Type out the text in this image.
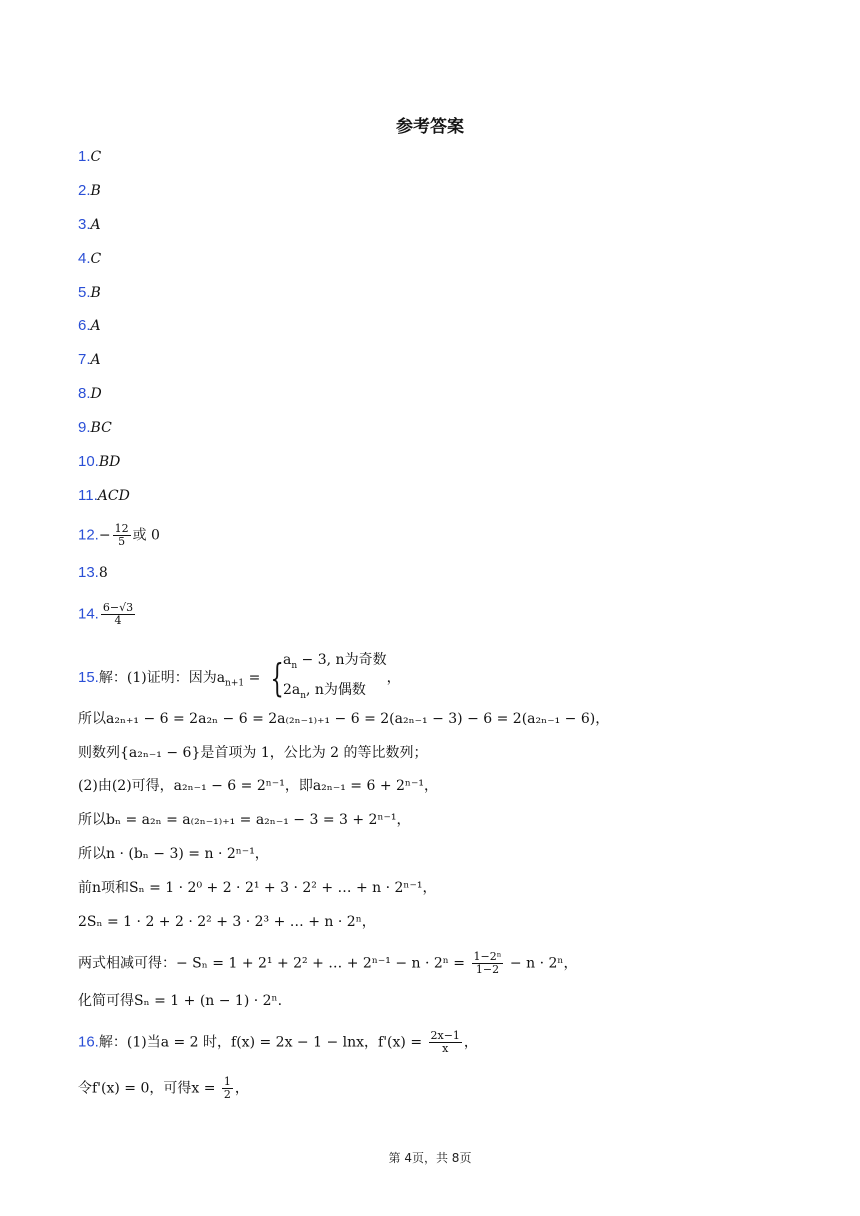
参考答案
1.C
2.B
3.A
4.C
5.B
6.A
7.A
8.D
9.BC
10.BD
11.ACD
$12.- \frac{12}{5}$ 或 0
13.8
14. $\frac{6-√3}{4}$
15.解：(1)证明：因为$a_{n+1}$ = { $a_n - 3$, n为奇数
$2a_n$, n为偶数
，
所以a₂ₙ₊₁ − 6 = 2a₂ₙ − 6 = 2a₍₂ₙ₋₁₎₊₁ − 6 = 2(a₂ₙ₋₁ − 3) − 6 = 2(a₂ₙ₋₁ − 6)，
则数列{a₂ₙ₋₁ − 6}是首项为 1，公比为 2 的等比数列；
(2)由(2)可得，a₂ₙ₋₁ − 6 = 2ⁿ⁻¹，即a₂ₙ₋₁ = 6 + 2ⁿ⁻¹，
所以bₙ = a₂ₙ = a₍₂ₙ₋₁₎₊₁ = a₂ₙ₋₁ − 3 = 3 + 2ⁿ⁻¹，
所以n · (bₙ − 3) = n · 2ⁿ⁻¹，
前n项和Sₙ = 1 · 2⁰ + 2 · 2¹ + 3 · 2² + … + n · 2ⁿ⁻¹，
2Sₙ = 1 · 2 + 2 · 2² + 3 · 2³ + … + n · 2ⁿ，
两式相减可得：− Sₙ = 1 + 2¹ + 2² + … + $2^{n-1} - n \cdot 2^n = \frac{\text{1−2ⁿ}}{1-2} - n \cdot 2^n$，
化简可得Sₙ = 1 + (n − 1) · 2ⁿ.
16.解：(1)当a = 2 时，f(x) = 2x − 1 − lnx，$f'(x) = \frac{2x-1}{x}$ ，
令f'(x) = 0，可得$x = \frac{1}{2}$ ，
第 4页，共 8页
